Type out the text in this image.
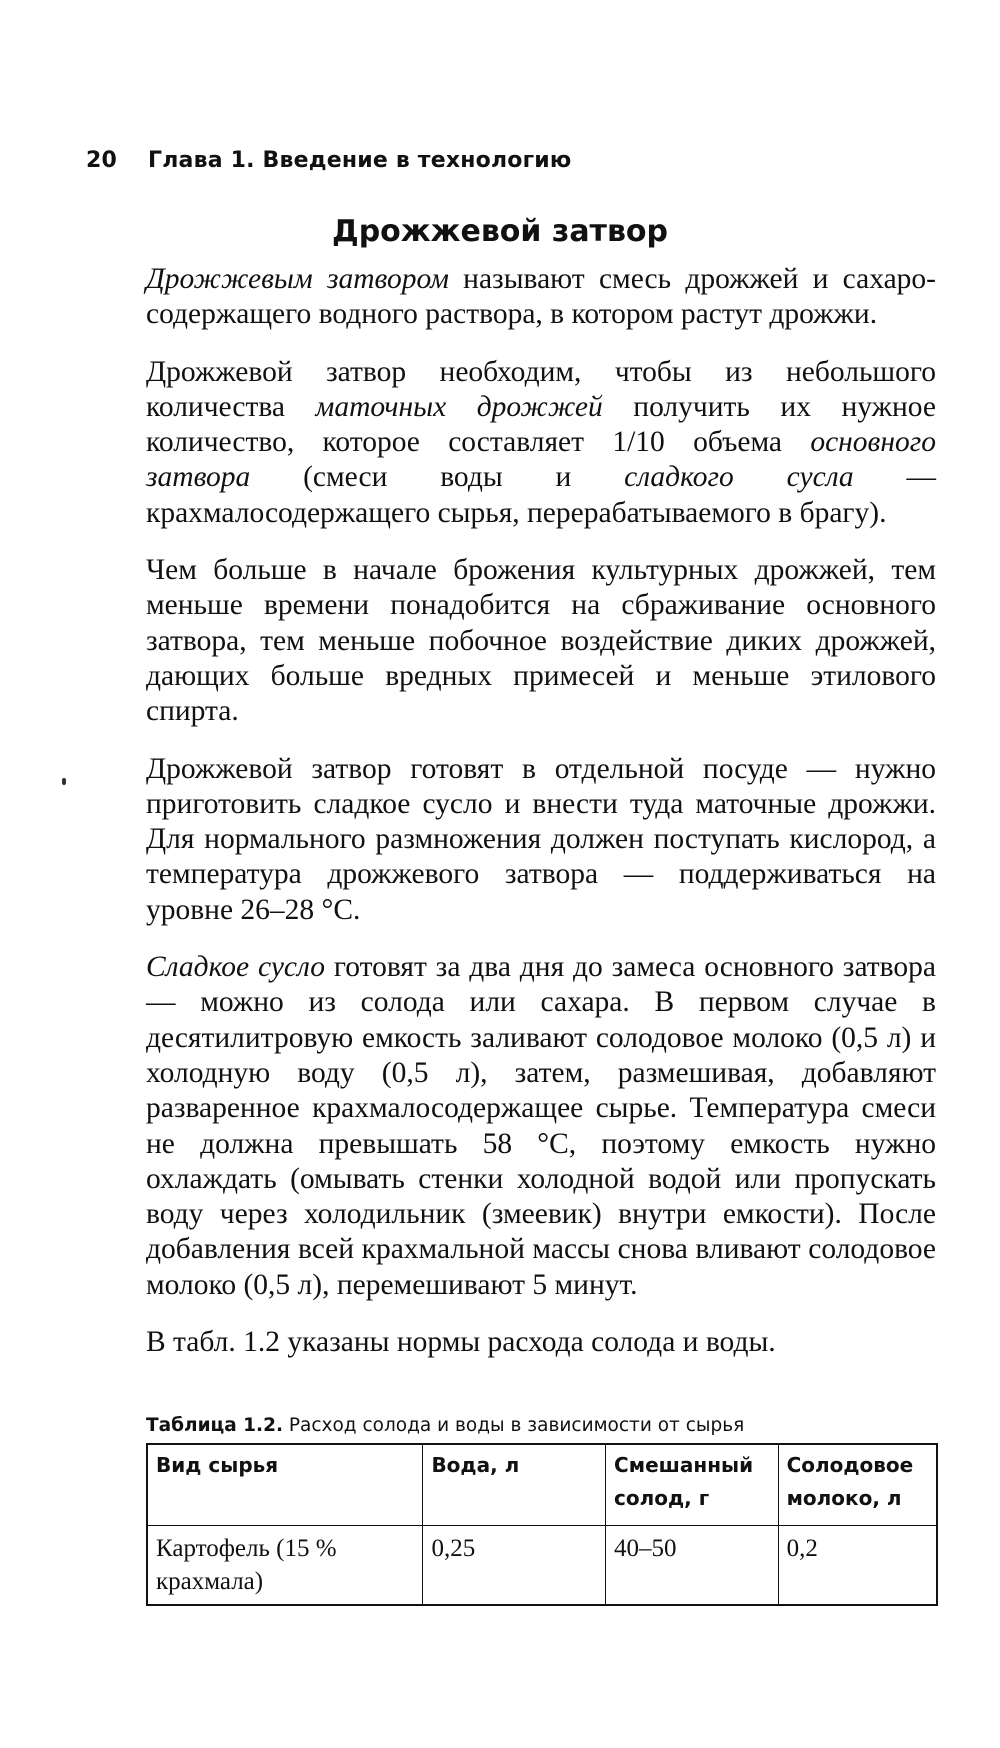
20 Глава 1. Введение в технологию
Дрожжевой затвор

Дрожжевым затвором называют смесь дрожжей и сахаро-содержащего водного раствора, в котором растут дрожжи.

Дрожжевой затвор необходим, чтобы из небольшого количества маточных дрожжей получить их нужное количество, которое составляет 1/10 объема основного затвора (смеси воды и сладкого сусла — крахмалосодержащего сырья, перерабатываемого в брагу).

Чем больше в начале брожения культурных дрожжей, тем меньше времени понадобится на сбраживание основного затвора, тем меньше побочное воздействие диких дрожжей, дающих больше вредных примесей и меньше этилового спирта.

Дрожжевой затвор готовят в отдельной посуде — нужно приготовить сладкое сусло и внести туда маточные дрожжи. Для нормального размножения должен поступать кислород, а температура дрожжевого затвора — поддерживаться на уровне 26–28 °С.

Сладкое сусло готовят за два дня до замеса основного затвора — можно из солода или сахара. В первом случае в десятилитровую емкость заливают солодовое молоко (0,5 л) и холодную воду (0,5 л), затем, размешивая, добавляют разваренное крахмалосодержащее сырье. Температура смеси не должна превышать 58 °С, поэтому емкость нужно охлаждать (омывать стенки холодной водой или пропускать воду через холодильник (змеевик) внутри емкости). После добавления всей крахмальной массы снова вливают солодовое молоко (0,5 л), перемешивают 5 минут.

В табл. 1.2 указаны нормы расхода солода и воды.

Таблица 1.2. Расход солода и воды в зависимости от сырья
Вид сырья	Вода, л	Смешанный солод, г	Солодовое молоко, л
Картофель (15 % крахмала)	0,25	40–50	0,2
